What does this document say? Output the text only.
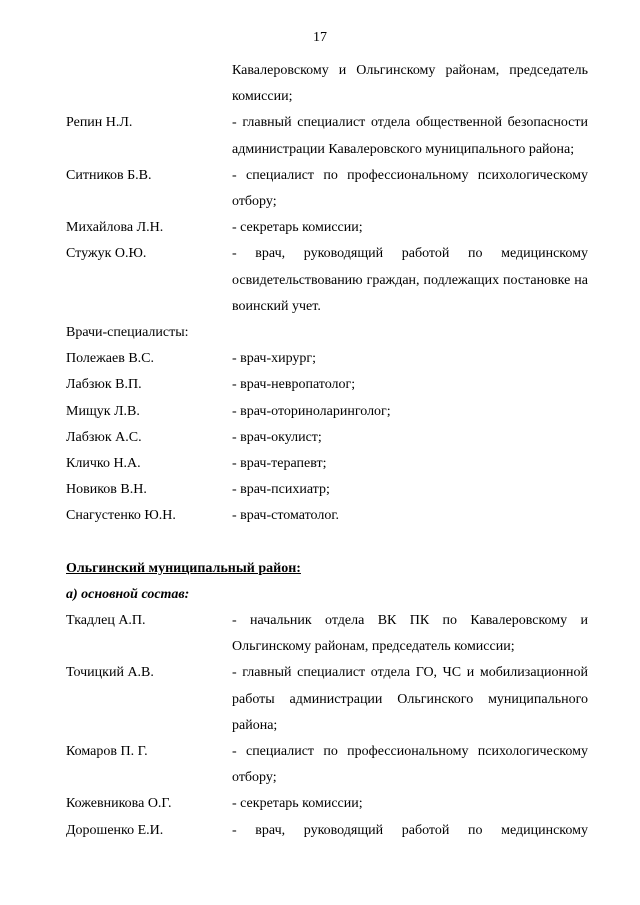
17
Кавалеровскому и Ольгинскому районам, председатель комиссии;
Репин Н.Л.	- главный специалист отдела общественной безопасности администрации Кавалеровского муниципального района;
Ситников Б.В.	- специалист по профессиональному психологическому отбору;
Михайлова Л.Н.	- секретарь комиссии;
Стужук О.Ю.	- врач, руководящий работой по медицинскому освидетельствованию граждан, подлежащих постановке на воинский учет.
Врачи-специалисты:
Полежаев В.С.	- врач-хирург;
Лабзюк В.П.	- врач-невропатолог;
Мищук Л.В.	- врач-оториноларинголог;
Лабзюк А.С.	- врач-окулист;
Кличко Н.А.	- врач-терапевт;
Новиков В.Н.	- врач-психиатр;
Снагустенко Ю.Н.	- врач-стоматолог.
Ольгинский муниципальный район:
а) основной состав:
Ткадлец А.П.	- начальник отдела ВК ПК по Кавалеровскому и Ольгинскому районам, председатель комиссии;
Точицкий А.В.	- главный специалист отдела ГО, ЧС и мобилизационной работы администрации Ольгинского муниципального района;
Комаров П. Г.	- специалист по профессиональному психологическому отбору;
Кожевникова О.Г.	- секретарь комиссии;
Дорошенко Е.И.	- врач, руководящий работой по медицинскому
